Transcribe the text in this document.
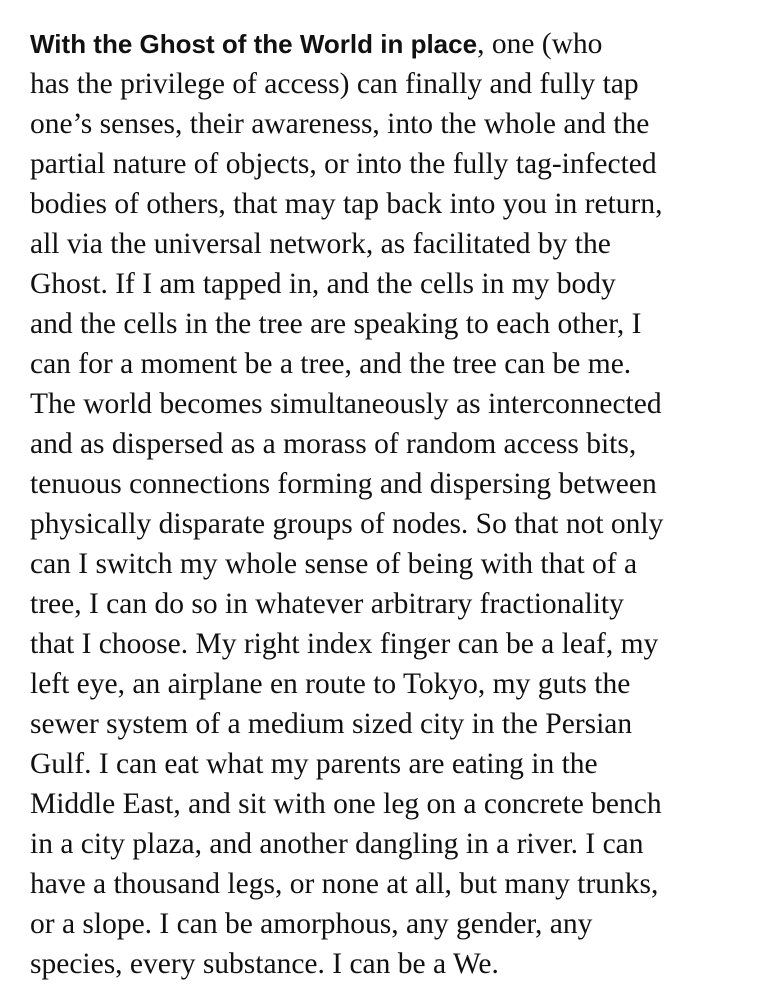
With the Ghost of the World in place, one (who
has the privilege of access) can finally and fully tap
one’s senses, their awareness, into the whole and the
partial nature of objects, or into the fully tag-infected
bodies of others, that may tap back into you in return,
all via the universal network, as facilitated by the
Ghost. If I am tapped in, and the cells in my body
and the cells in the tree are speaking to each other, I
can for a moment be a tree, and the tree can be me.
The world becomes simultaneously as interconnected
and as dispersed as a morass of random access bits,
tenuous connections forming and dispersing between
physically disparate groups of nodes. So that not only
can I switch my whole sense of being with that of a
tree, I can do so in whatever arbitrary fractionality
that I choose. My right index finger can be a leaf, my
left eye, an airplane en route to Tokyo, my guts the
sewer system of a medium sized city in the Persian
Gulf. I can eat what my parents are eating in the
Middle East, and sit with one leg on a concrete bench
in a city plaza, and another dangling in a river. I can
have a thousand legs, or none at all, but many trunks,
or a slope. I can be amorphous, any gender, any
species, every substance. I can be a We.
